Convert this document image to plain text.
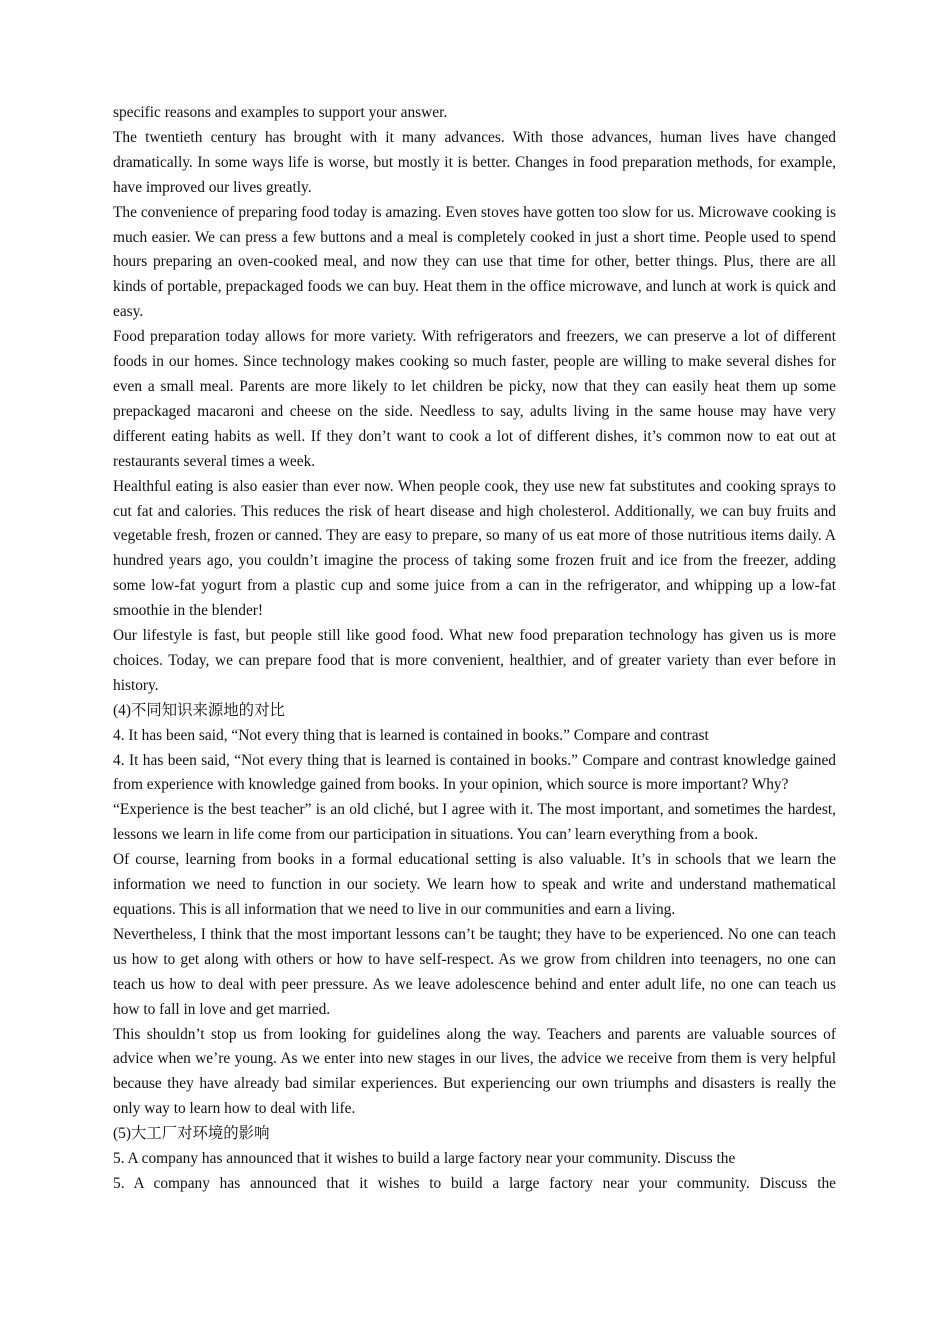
specific reasons and examples to support your answer.

The twentieth century has brought with it many advances. With those advances, human lives have changed dramatically. In some ways life is worse, but mostly it is better. Changes in food preparation methods, for example, have improved our lives greatly.

The convenience of preparing food today is amazing. Even stoves have gotten too slow for us. Microwave cooking is much easier. We can press a few buttons and a meal is completely cooked in just a short time. People used to spend hours preparing an oven-cooked meal, and now they can use that time for other, better things. Plus, there are all kinds of portable, prepackaged foods we can buy. Heat them in the office microwave, and lunch at work is quick and easy.

Food preparation today allows for more variety. With refrigerators and freezers, we can preserve a lot of different foods in our homes. Since technology makes cooking so much faster, people are willing to make several dishes for even a small meal. Parents are more likely to let children be picky, now that they can easily heat them up some prepackaged macaroni and cheese on the side. Needless to say, adults living in the same house may have very different eating habits as well. If they don’t want to cook a lot of different dishes, it’s common now to eat out at restaurants several times a week.

Healthful eating is also easier than ever now. When people cook, they use new fat substitutes and cooking sprays to cut fat and calories. This reduces the risk of heart disease and high cholesterol. Additionally, we can buy fruits and vegetable fresh, frozen or canned. They are easy to prepare, so many of us eat more of those nutritious items daily. A hundred years ago, you couldn’t imagine the process of taking some frozen fruit and ice from the freezer, adding some low-fat yogurt from a plastic cup and some juice from a can in the refrigerator, and whipping up a low-fat smoothie in the blender!

Our lifestyle is fast, but people still like good food. What new food preparation technology has given us is more choices. Today, we can prepare food that is more convenient, healthier, and of greater variety than ever before in history.

(4)不同知识来源地的对比

4. It has been said, “Not every thing that is learned is contained in books.” Compare and contrast

4. It has been said, “Not every thing that is learned is contained in books.” Compare and contrast knowledge gained from experience with knowledge gained from books. In your opinion, which source is more important? Why?

“Experience is the best teacher” is an old cliché, but I agree with it. The most important, and sometimes the hardest, lessons we learn in life come from our participation in situations. You can’ learn everything from a book.

Of course, learning from books in a formal educational setting is also valuable. It’s in schools that we learn the information we need to function in our society. We learn how to speak and write and understand mathematical equations. This is all information that we need to live in our communities and earn a living.

Nevertheless, I think that the most important lessons can’t be taught; they have to be experienced. No one can teach us how to get along with others or how to have self-respect. As we grow from children into teenagers, no one can teach us how to deal with peer pressure. As we leave adolescence behind and enter adult life, no one can teach us how to fall in love and get married.

This shouldn’t stop us from looking for guidelines along the way. Teachers and parents are valuable sources of advice when we’re young. As we enter into new stages in our lives, the advice we receive from them is very helpful because they have already bad similar experiences. But experiencing our own triumphs and disasters is really the only way to learn how to deal with life.

(5)大工厂对环境的影响

5. A company has announced that it wishes to build a large factory near your community. Discuss the

5. A company has announced that it wishes to build a large factory near your community. Discuss the
